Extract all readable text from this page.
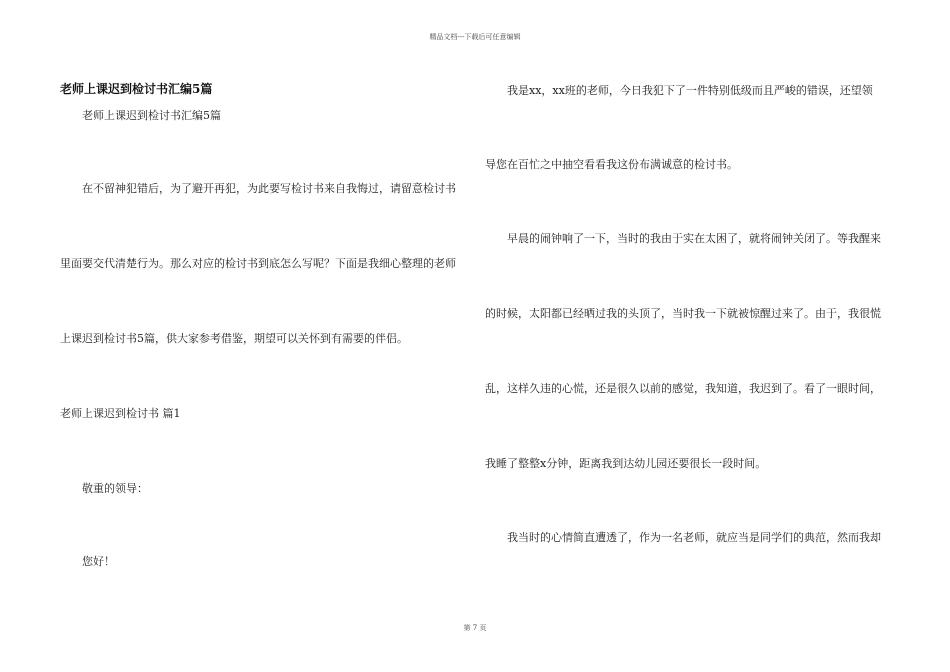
精品文档---下载后可任意编辑
老师上课迟到检讨书汇编5篇
老师上课迟到检讨书汇编5篇
在不留神犯错后，为了避开再犯，为此要写检讨书来自我悔过，请留意检讨书
里面要交代清楚行为。那么对应的检讨书到底怎么写呢？下面是我细心整理的老师
上课迟到检讨书5篇，供大家参考借鉴，期望可以关怀到有需要的伴侣。
老师上课迟到检讨书 篇1
敬重的领导：
您好！
我是xx，xx班的老师，今日我犯下了一件特别低级而且严峻的错误，还望领
导您在百忙之中抽空看看我这份布满诚意的检讨书。
早晨的闹钟响了一下，当时的我由于实在太困了，就将闹钟关闭了。等我醒来
的时候，太阳都已经晒过我的头顶了，当时我一下就被惊醒过来了。由于，我很慌
乱，这样久违的心慌，还是很久以前的感觉，我知道，我迟到了。看了一眼时间，
我睡了整整x分钟，距离我到达幼儿园还要很长一段时间。
我当时的心情简直遭透了，作为一名老师，就应当是同学们的典范，然而我却
第 7 页
